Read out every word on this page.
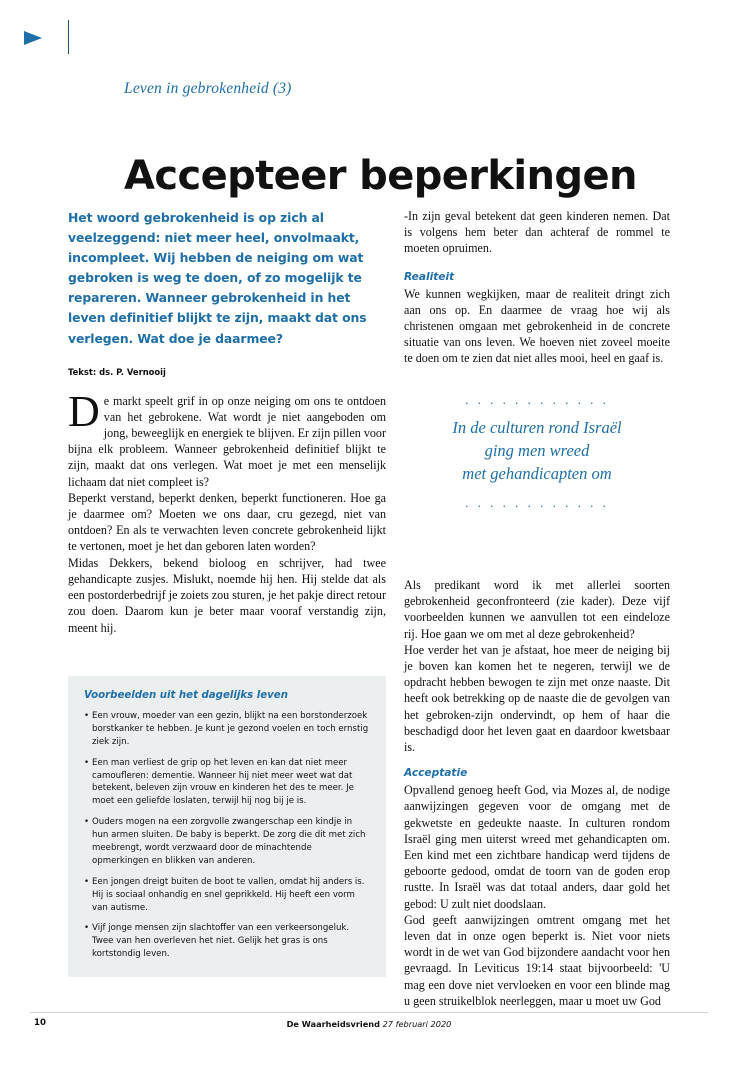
Leven in gebrokenheid (3)
Accepteer beperkingen

Het woord gebrokenheid is op zich al veelzeggend: niet meer heel, onvolmaakt, incompleet. Wij hebben de neiging om wat gebroken is weg te doen, of zo mogelijk te repareren. Wanneer gebrokenheid in het leven definitief blijkt te zijn, maakt dat ons verlegen. Wat doe je daarmee?

Tekst: ds. P. Vernooij
D e markt speelt grif in op onze neiging om ons te ontdoen van het gebrokene. Wat wordt je niet aangeboden om jong, beweeglijk en energiek te blijven. Er zijn pillen voor bijna elk probleem. Wanneer gebrokenheid definitief blijkt te zijn, maakt dat ons verlegen. Wat moet je met een menselijk lichaam dat niet compleet is?

Beperkt verstand, beperkt denken, beperkt functioneren. Hoe ga je daarmee om? Moeten we ons daar, cru gezegd, niet van ontdoen? En als te verwachten leven concrete gebrokenheid lijkt te vertonen, moet je het dan geboren laten worden?

Midas Dekkers, bekend bioloog en schrijver, had twee gehandicapte zusjes. Mislukt, noemde hij hen. Hij stelde dat als een postorderbedrijf je zoiets zou sturen, je het pakje direct retour zou doen. Daarom kun je beter maar vooraf verstandig zijn, meent hij.

Voorbeelden uit het dagelijks leven
• Een vrouw, moeder van een gezin, blijkt na een borstonderzoek borstkanker te hebben. Je kunt je gezond voelen en toch ernstig ziek zijn.
• Een man verliest de grip op het leven en kan dat niet meer camoufleren: dementie. Wanneer hij niet meer weet wat dat betekent, beleven zijn vrouw en kinderen het des te meer. Je moet een geliefde loslaten, terwijl hij nog bij je is.
• Ouders mogen na een zorgvolle zwangerschap een kindje in hun armen sluiten. De baby is beperkt. De zorg die dit met zich meebrengt, wordt verzwaard door de minachtende opmerkingen en blikken van anderen.
• Een jongen dreigt buiten de boot te vallen, omdat hij anders is. Hij is sociaal onhandig en snel geprikkeld. Hij heeft een vorm van autisme.
• Vijf jonge mensen zijn slachtoffer van een verkeersongeluk. Twee van hen overleven het niet. Gelijk het gras is ons kortstondig leven.

-In zijn geval betekent dat geen kinderen nemen. Dat is volgens hem beter dan achteraf de rommel te moeten opruimen.

Realiteit

We kunnen wegkijken, maar de realiteit dringt zich aan ons op. En daarmee de vraag hoe wij als christenen omgaan met gebrokenheid in de concrete situatie van ons leven. We hoeven niet zoveel moeite te doen om te zien dat niet alles mooi, heel en gaaf is.

. . . . . . . . . . . .

In de culturen rond Israël

ging men wreed

met gehandicapten om

. . . . . . . . . . . .

Als predikant word ik met allerlei soorten gebrokenheid geconfronteerd (zie kader). Deze vijf voorbeelden kunnen we aanvullen tot een eindeloze rij. Hoe gaan we om met al deze gebrokenheid?

Hoe verder het van je afstaat, hoe meer de neiging bij je boven kan komen het te negeren, terwijl we de opdracht hebben bewogen te zijn met onze naaste. Dit heeft ook betrekking op de naaste die de gevolgen van het gebroken-zijn ondervindt, op hem of haar die beschadigd door het leven gaat en daardoor kwetsbaar is.

Acceptatie

Opvallend genoeg heeft God, via Mozes al, de nodige aanwijzingen gegeven voor de omgang met de gekwetste en gedeukte naaste. In culturen rondom Israël ging men uiterst wreed met gehandicapten om. Een kind met een zichtbare handicap werd tijdens de geboorte gedood, omdat de toorn van de goden erop rustte. In Israël was dat totaal anders, daar gold het gebod: U zult niet doodslaan.

God geeft aanwijzingen omtrent omgang met het leven dat in onze ogen beperkt is. Niet voor niets wordt in de wet van God bijzondere aandacht voor hen gevraagd. In Leviticus 19:14 staat bijvoorbeeld: 'U mag een dove niet vervloeken en voor een blinde mag u geen struikelblok neerleggen, maar u moet uw God

10	De Waarheidsvriend 27 februari 2020
